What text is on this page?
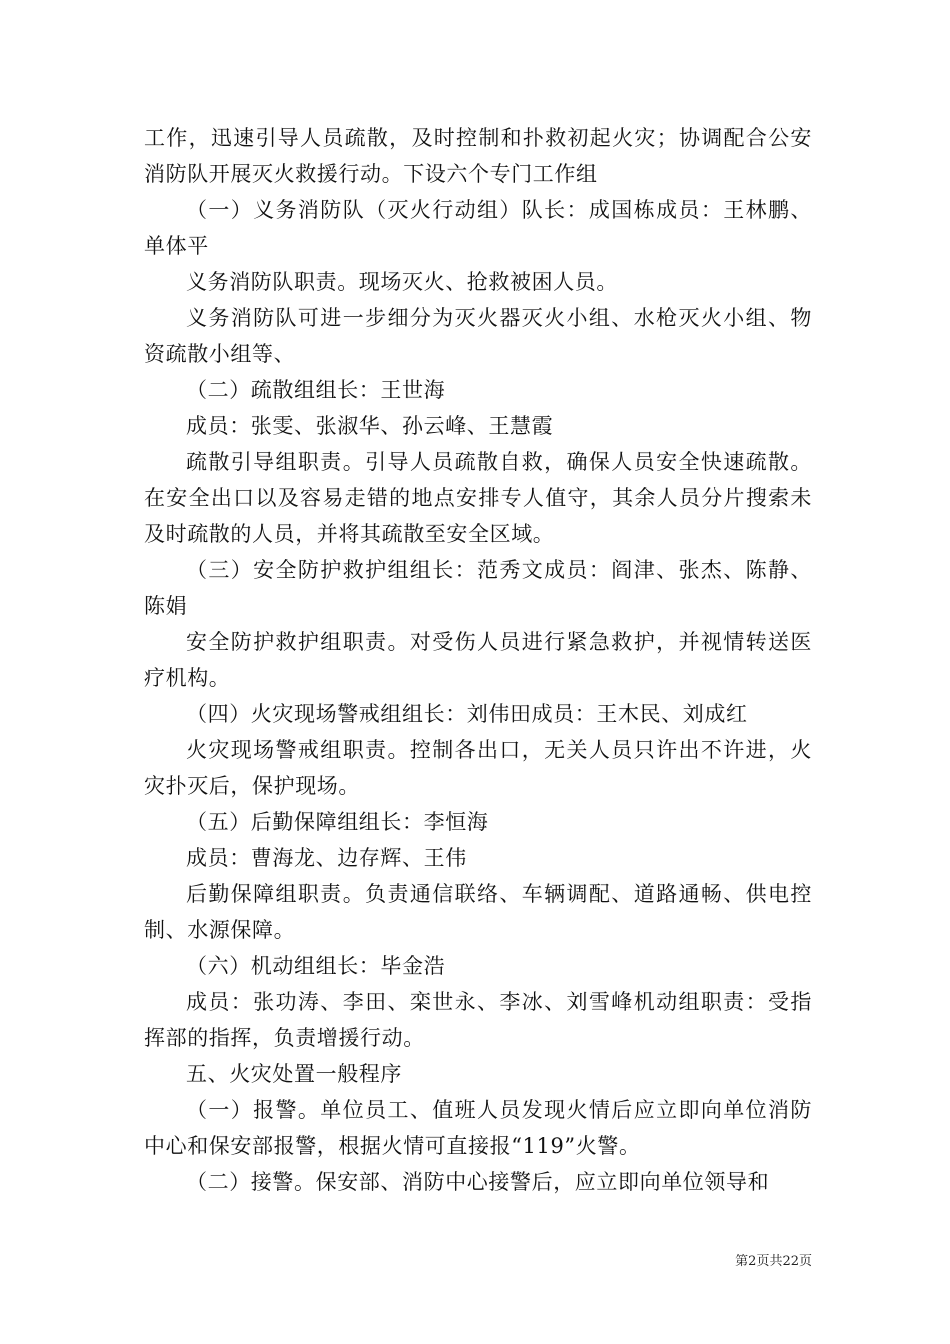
工作，迅速引导人员疏散，及时控制和扑救初起火灾；协调配合公安消防队开展灭火救援行动。下设六个专门工作组

（一）义务消防队（灭火行动组）队长：成国栋成员：王林鹏、单体平

义务消防队职责。现场灭火、抢救被困人员。

义务消防队可进一步细分为灭火器灭火小组、水枪灭火小组、物资疏散小组等、

（二）疏散组组长：王世海

成员：张雯、张淑华、孙云峰、王慧霞

疏散引导组职责。引导人员疏散自救，确保人员安全快速疏散。在安全出口以及容易走错的地点安排专人值守，其余人员分片搜索未及时疏散的人员，并将其疏散至安全区域。

（三）安全防护救护组组长：范秀文成员：阎津、张杰、陈静、陈娟

安全防护救护组职责。对受伤人员进行紧急救护，并视情转送医疗机构。

（四）火灾现场警戒组组长：刘伟田成员：王木民、刘成红

火灾现场警戒组职责。控制各出口，无关人员只许出不许进，火灾扑灭后，保护现场。

（五）后勤保障组组长：李恒海

成员：曹海龙、边存辉、王伟

后勤保障组职责。负责通信联络、车辆调配、道路通畅、供电控制、水源保障。

（六）机动组组长：毕金浩

成员：张功涛、李田、栾世永、李冰、刘雪峰机动组职责：受指挥部的指挥，负责增援行动。

五、火灾处置一般程序

（一）报警。单位员工、值班人员发现火情后应立即向单位消防中心和保安部报警，根据火情可直接报“119”火警。

（二）接警。保安部、消防中心接警后，应立即向单位领导和

第2页共22页
